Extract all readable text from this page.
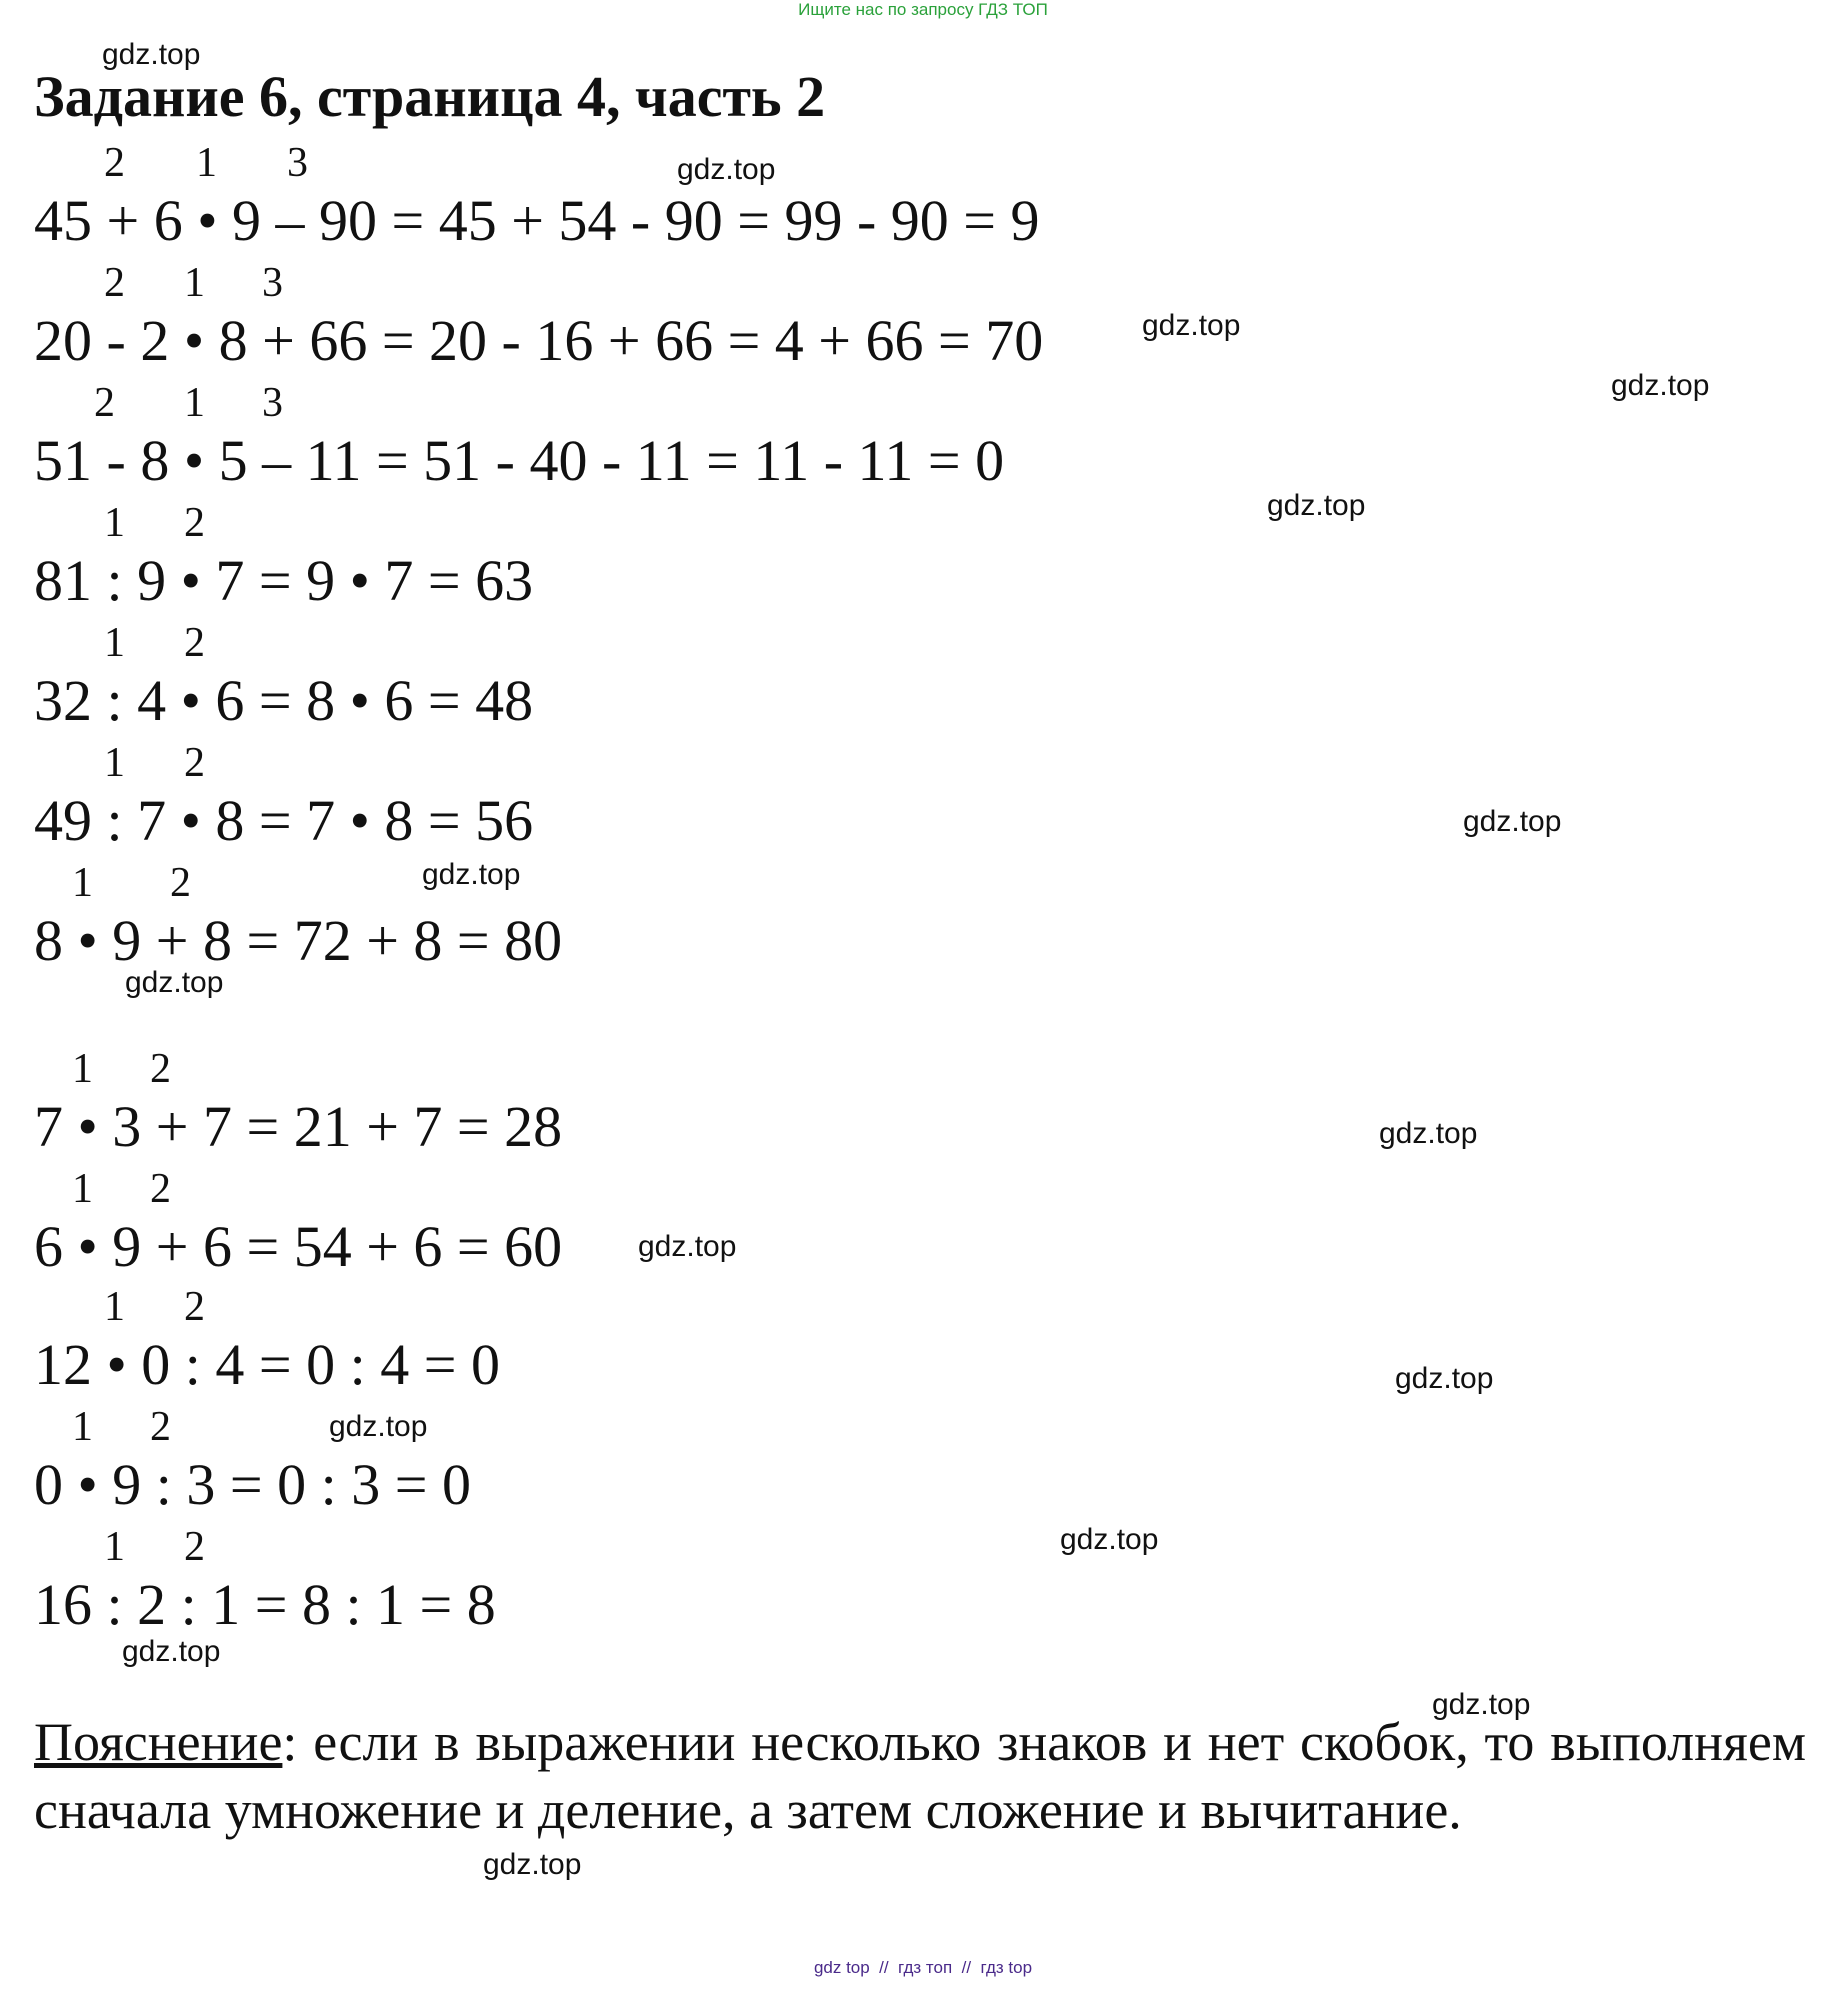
Ищите нас по запросу ГДЗ ТОП
Задание 6, страница 4, часть 2
2 1 3
45 + 6 • 9 – 90 = 45 + 54 - 90 = 99 - 90 = 9
2 1 3
20 - 2 • 8 + 66 = 20 - 16 + 66 = 4 + 66 = 70
2 1 3
51 - 8 • 5 – 11 = 51 - 40 - 11 = 11 - 11 = 0
1 2
81 : 9 • 7 = 9 • 7 = 63
1 2
32 : 4 • 6 = 8 • 6 = 48
1 2
49 : 7 • 8 = 7 • 8 = 56
1 2
8 • 9 + 8 = 72 + 8 = 80
1 2
7 • 3 + 7 = 21 + 7 = 28
1 2
6 • 9 + 6 = 54 + 6 = 60
1 2
12 • 0 : 4 = 0 : 4 = 0
1 2
0 • 9 : 3 = 0 : 3 = 0
1 2
16 : 2 : 1 = 8 : 1 = 8
Пояснение: если в выражении несколько знаков и нет скобок, то выполняем сначала умножение и деление, а затем сложение и вычитание.
gdz.top
gdz.top
gdz.top
gdz.top
gdz.top
gdz.top
gdz.top
gdz.top
gdz.top
gdz.top
gdz.top
gdz.top
gdz.top
gdz.top
gdz.top
gdz.top
gdz top  //  гдз топ  //  гдз top
